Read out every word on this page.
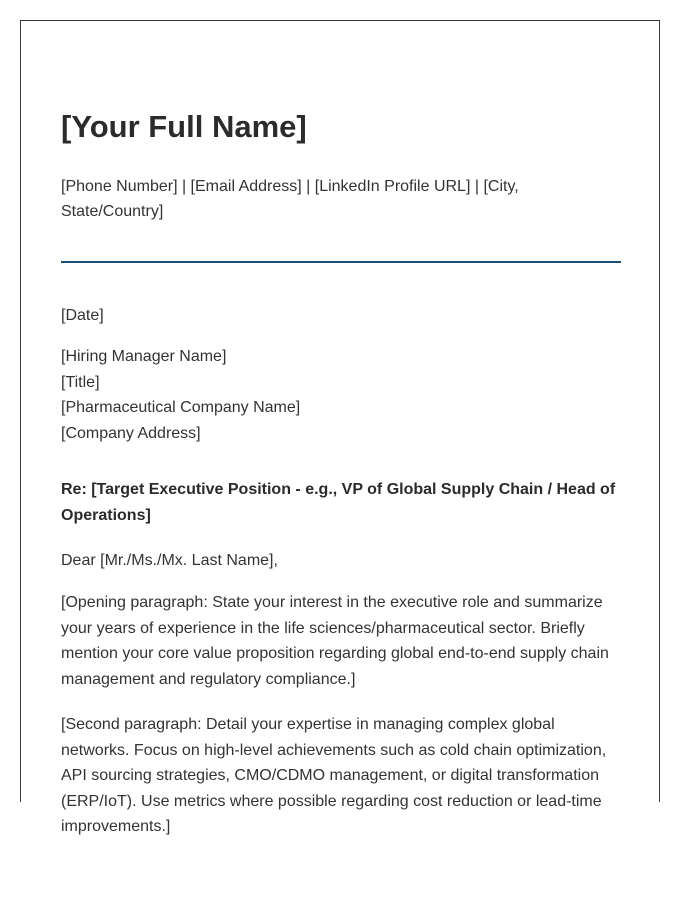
[Your Full Name]
[Phone Number] | [Email Address] | [LinkedIn Profile URL] | [City, State/Country]
[Date]
[Hiring Manager Name]
[Title]
[Pharmaceutical Company Name]
[Company Address]
Re: [Target Executive Position - e.g., VP of Global Supply Chain / Head of Operations]
Dear [Mr./Ms./Mx. Last Name],
[Opening paragraph: State your interest in the executive role and summarize your years of experience in the life sciences/pharmaceutical sector. Briefly mention your core value proposition regarding global end-to-end supply chain management and regulatory compliance.]
[Second paragraph: Detail your expertise in managing complex global networks. Focus on high-level achievements such as cold chain optimization, API sourcing strategies, CMO/CDMO management, or digital transformation (ERP/IoT). Use metrics where possible regarding cost reduction or lead-time improvements.]
